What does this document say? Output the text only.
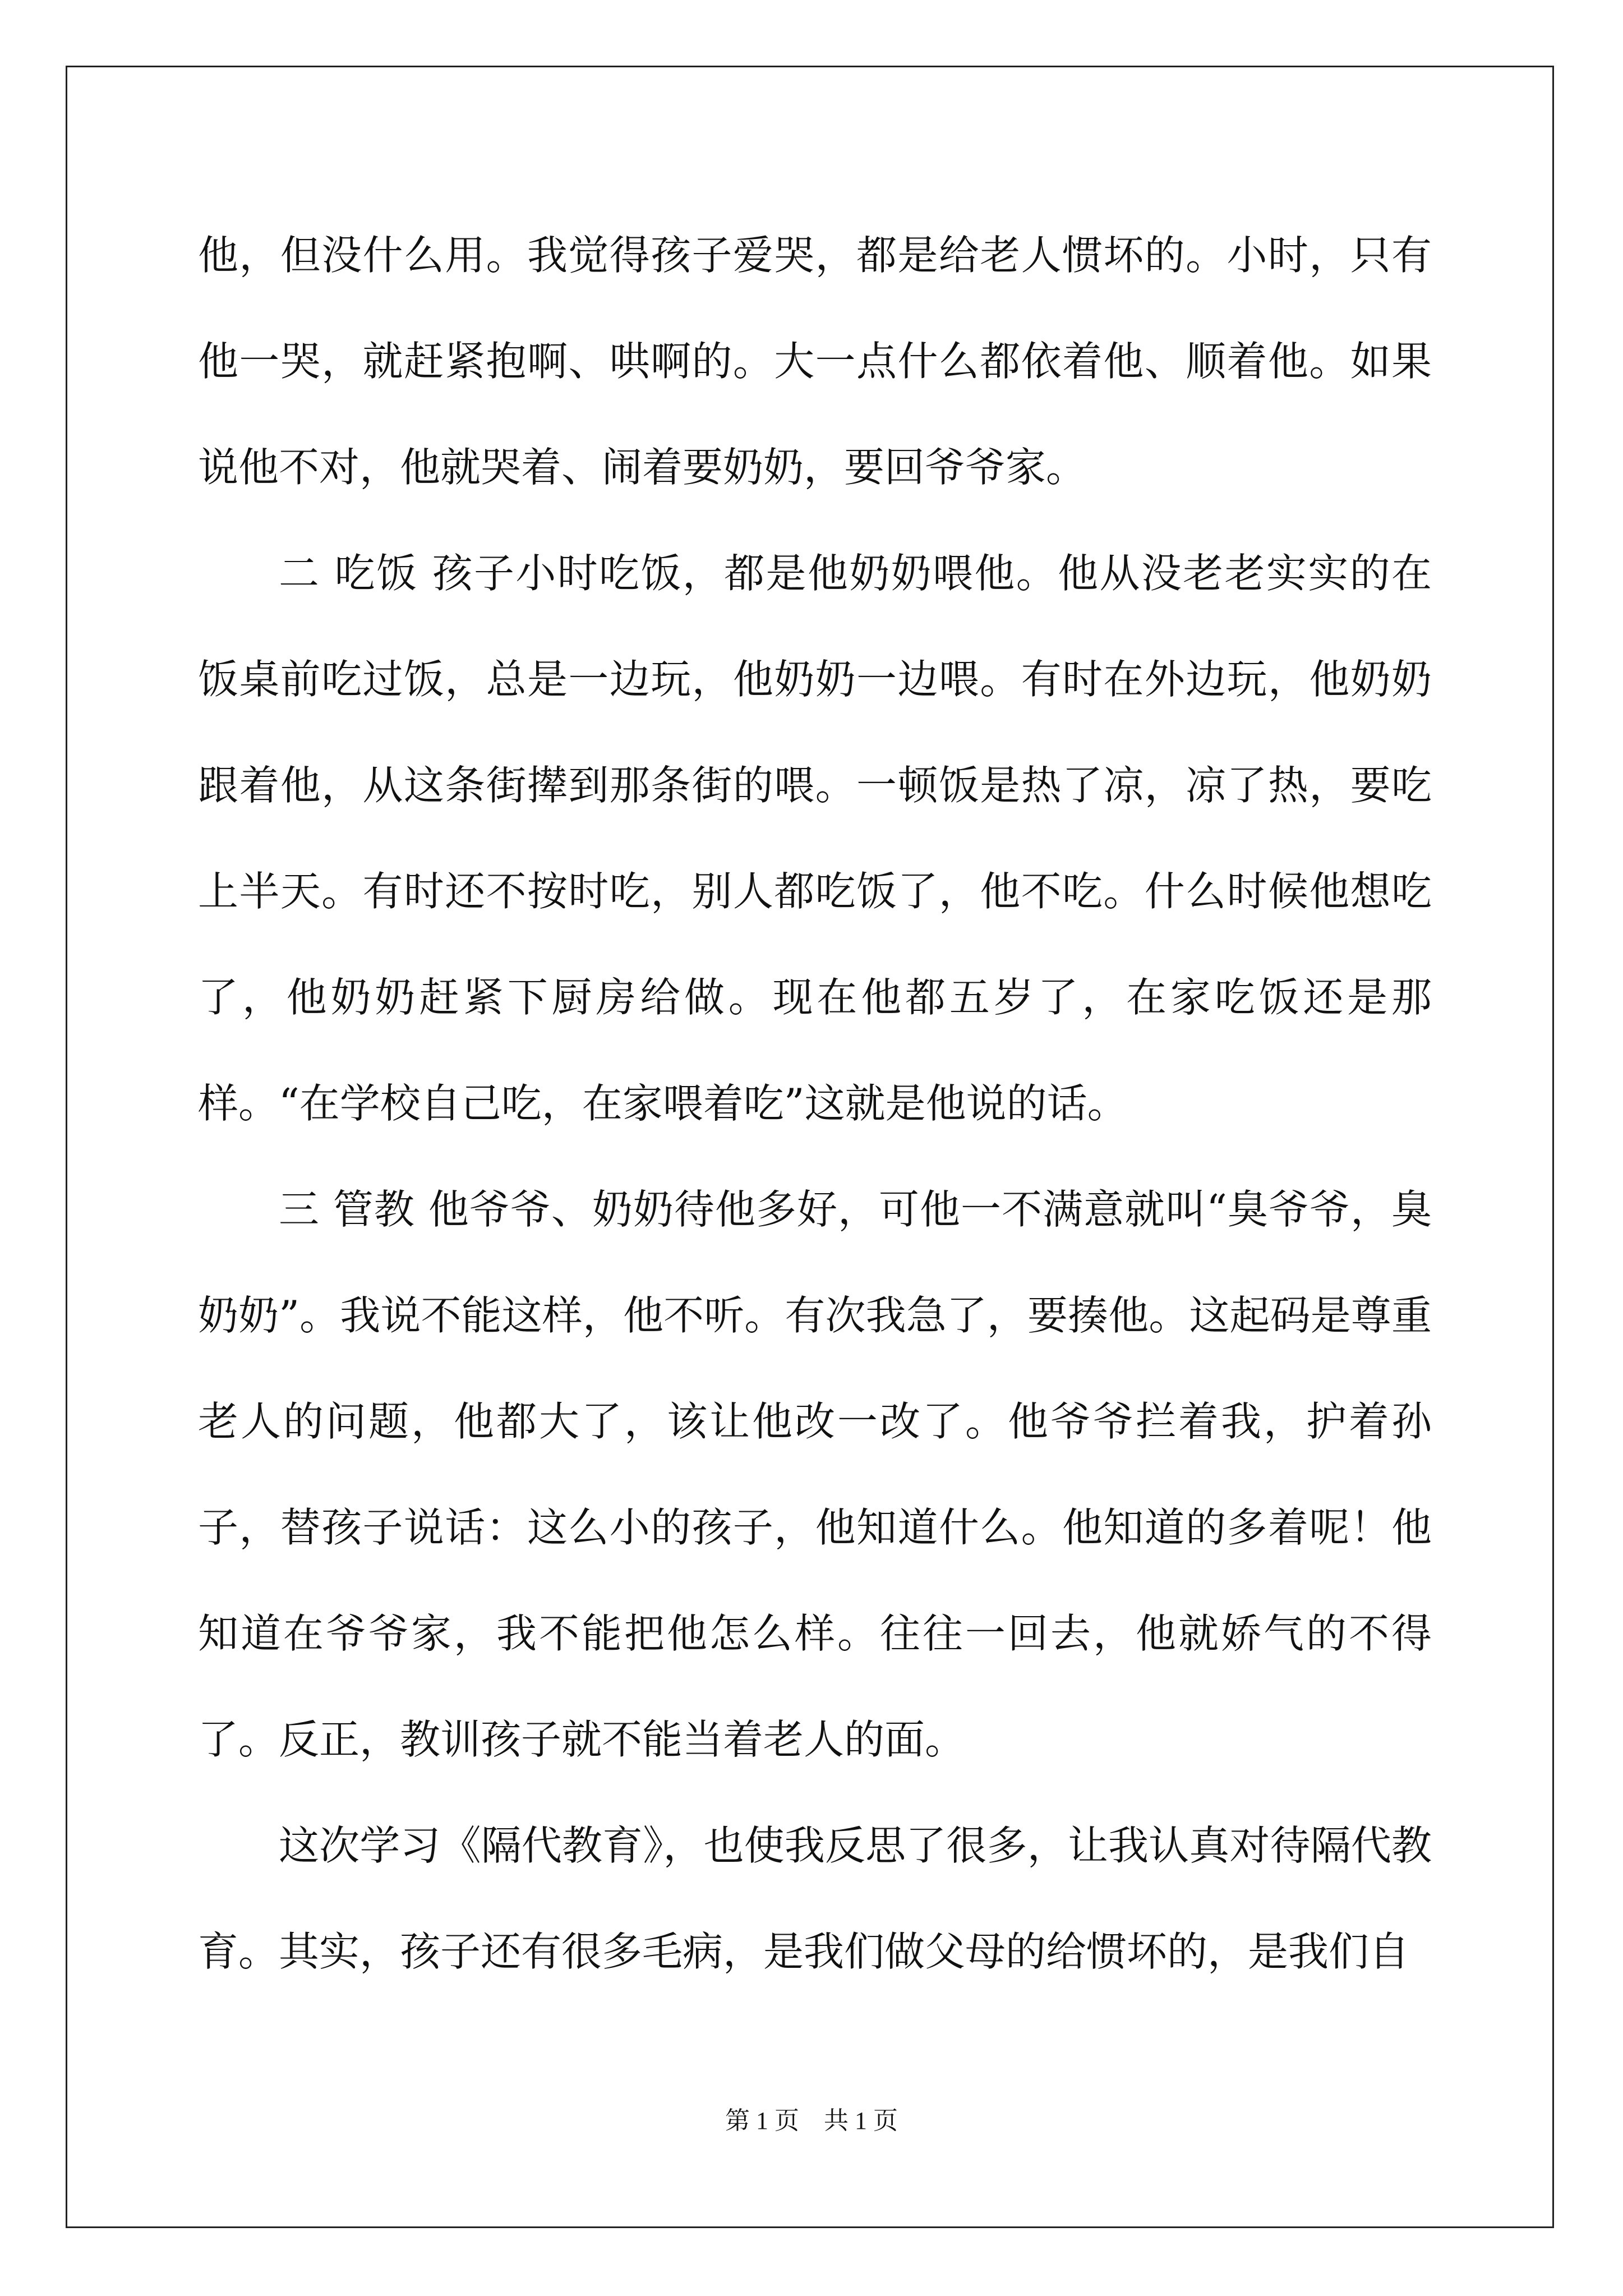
他，但没什么用。我觉得孩子爱哭，都是给老人惯坏的。小时，只有他一哭，就赶紧抱啊、哄啊的。大一点什么都依着他、顺着他。如果说他不对，他就哭着、闹着要奶奶，要回爷爷家。

二 吃饭 孩子小时吃饭，都是他奶奶喂他。他从没老老实实的在饭桌前吃过饭，总是一边玩，他奶奶一边喂。有时在外边玩，他奶奶跟着他，从这条街撵到那条街的喂。一顿饭是热了凉，凉了热，要吃上半天。有时还不按时吃，别人都吃饭了，他不吃。什么时候他想吃了，他奶奶赶紧下厨房给做。现在他都五岁了，在家吃饭还是那样。“在学校自己吃，在家喂着吃”这就是他说的话。

三 管教 他爷爷、奶奶待他多好，可他一不满意就叫“臭爷爷，臭奶奶”。我说不能这样，他不听。有次我急了，要揍他。这起码是尊重老人的问题，他都大了，该让他改一改了。他爷爷拦着我，护着孙子，替孩子说话：这么小的孩子，他知道什么。他知道的多着呢！他知道在爷爷家，我不能把他怎么样。往往一回去，他就娇气的不得了。反正，教训孩子就不能当着老人的面。

这次学习《隔代教育》，也使我反思了很多，让我认真对待隔代教育。其实，孩子还有很多毛病，是我们做父母的给惯坏的，是我们自

第 1 页    共 1 页
